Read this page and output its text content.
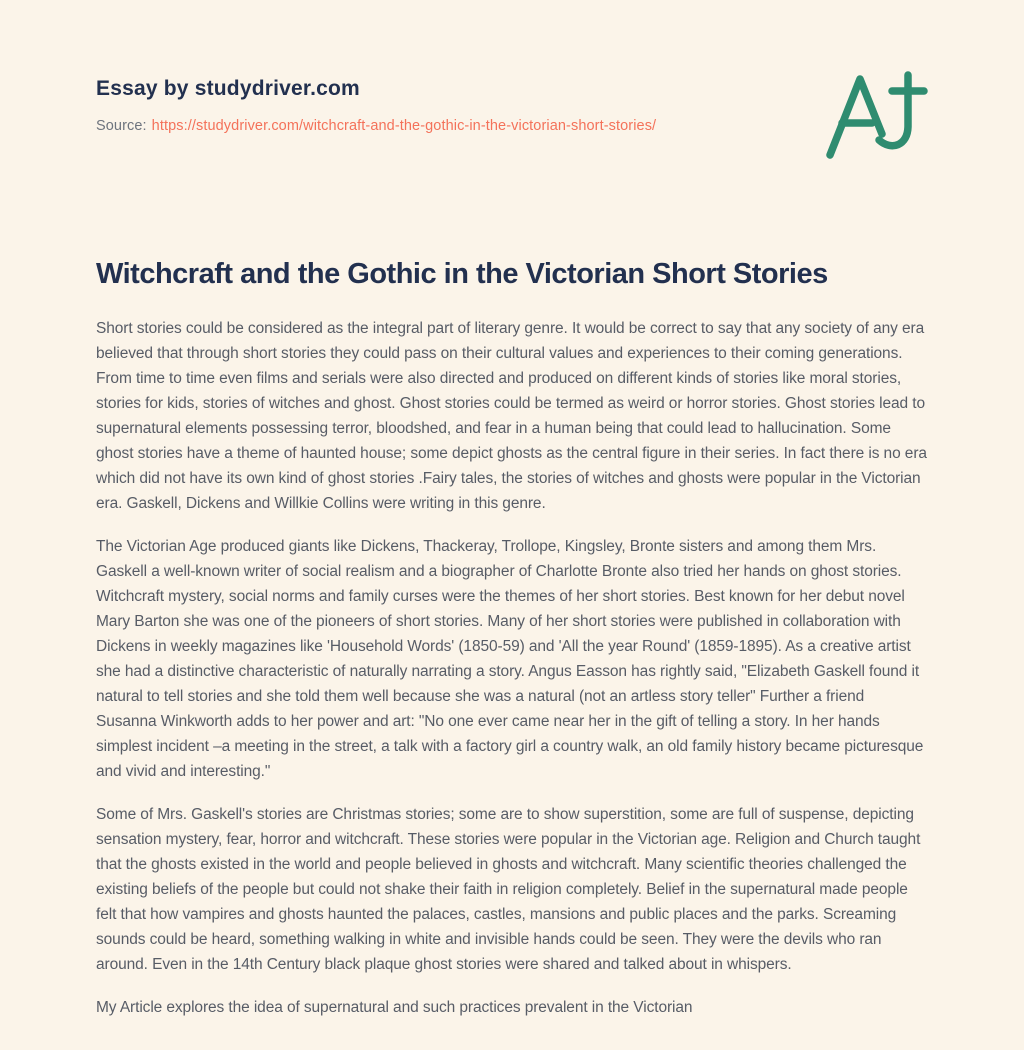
Essay by studydriver.com
Source: https://studydriver.com/witchcraft-and-the-gothic-in-the-victorian-short-stories/
Witchcraft and the Gothic in the Victorian Short Stories

Short stories could be considered as the integral part of literary genre. It would be correct to say that any society of any era believed that through short stories they could pass on their cultural values and experiences to their coming generations. From time to time even films and serials were also directed and produced on different kinds of stories like moral stories, stories for kids, stories of witches and ghost. Ghost stories could be termed as weird or horror stories. Ghost stories lead to supernatural elements possessing terror, bloodshed, and fear in a human being that could lead to hallucination. Some ghost stories have a theme of haunted house; some depict ghosts as the central figure in their series. In fact there is no era which did not have its own kind of ghost stories .Fairy tales, the stories of witches and ghosts were popular in the Victorian era. Gaskell, Dickens and Willkie Collins were writing in this genre.

The Victorian Age produced giants like Dickens, Thackeray, Trollope, Kingsley, Bronte sisters and among them Mrs. Gaskell a well-known writer of social realism and a biographer of Charlotte Bronte also tried her hands on ghost stories. Witchcraft mystery, social norms and family curses were the themes of her short stories. Best known for her debut novel Mary Barton she was one of the pioneers of short stories. Many of her short stories were published in collaboration with Dickens in weekly magazines like 'Household Words' (1850-59) and 'All the year Round' (1859-1895). As a creative artist she had a distinctive characteristic of naturally narrating a story. Angus Easson has rightly said, "Elizabeth Gaskell found it natural to tell stories and she told them well because she was a natural (not an artless story teller" Further a friend Susanna Winkworth adds to her power and art: "No one ever came near her in the gift of telling a story. In her hands simplest incident –a meeting in the street, a talk with a factory girl a country walk, an old family history became picturesque and vivid and interesting."

Some of Mrs. Gaskell's stories are Christmas stories; some are to show superstition, some are full of suspense, depicting sensation mystery, fear, horror and witchcraft. These stories were popular in the Victorian age. Religion and Church taught that the ghosts existed in the world and people believed in ghosts and witchcraft. Many scientific theories challenged the existing beliefs of the people but could not shake their faith in religion completely. Belief in the supernatural made people felt that how vampires and ghosts haunted the palaces, castles, mansions and public places and the parks. Screaming sounds could be heard, something walking in white and invisible hands could be seen. They were the devils who ran around. Even in the 14th Century black plaque ghost stories were shared and talked about in whispers.

My Article explores the idea of supernatural and such practices prevalent in the Victorian
